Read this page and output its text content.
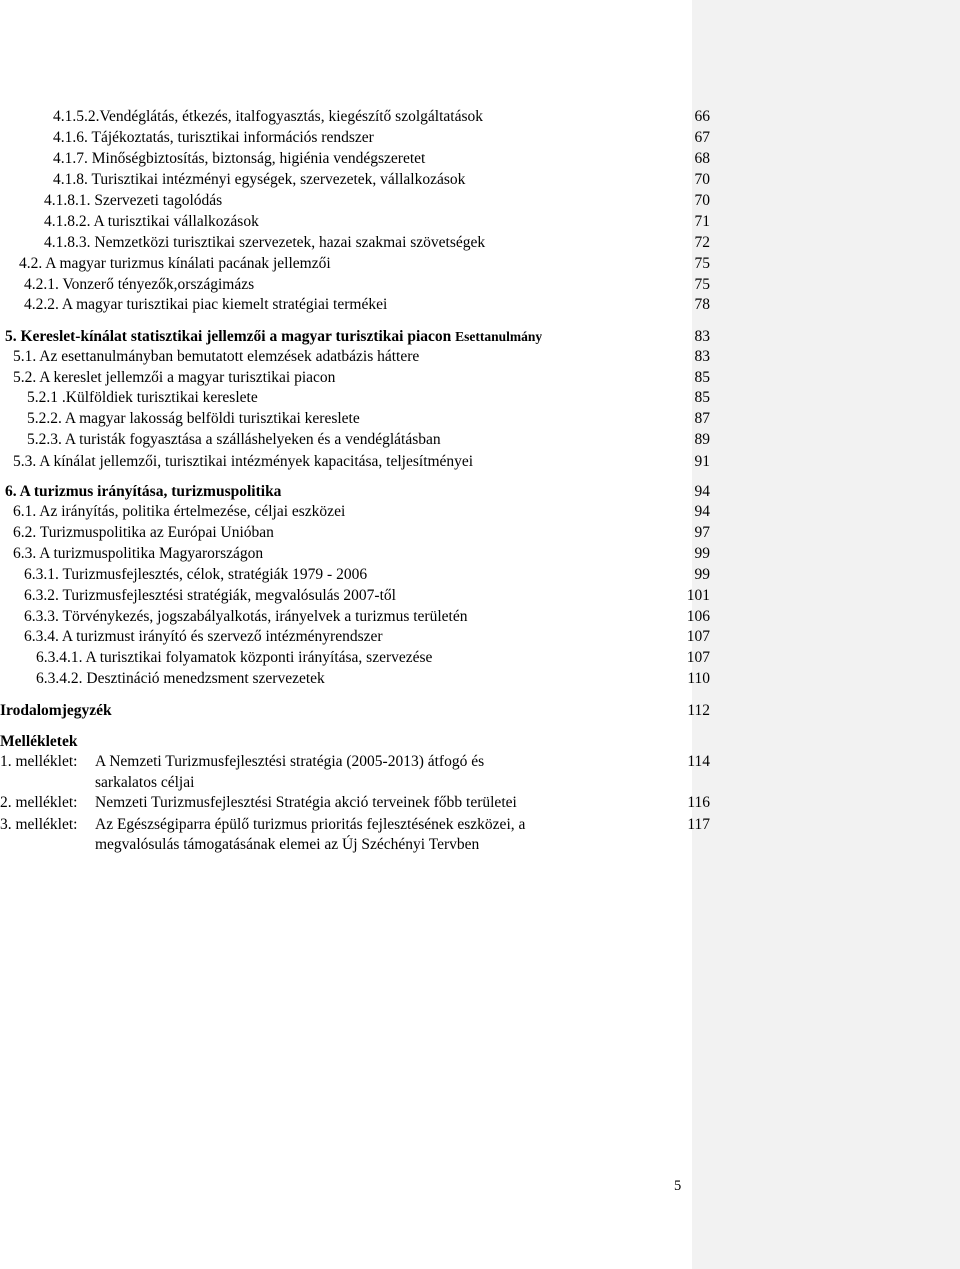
4.1.5.2.Vendéglátás, étkezés, italfogyasztás, kiegészítő szolgáltatások	66
4.1.6. Tájékoztatás, turisztikai információs rendszer	67
4.1.7. Minőségbiztosítás, biztonság, higiénia vendégszeretet	68
4.1.8. Turisztikai intézményi egységek, szervezetek, vállalkozások	70
4.1.8.1. Szervezeti tagolódás	70
4.1.8.2. A turisztikai vállalkozások	71
4.1.8.3. Nemzetközi turisztikai szervezetek, hazai szakmai szövetségek	72
4.2. A magyar turizmus kínálati pacának jellemzői	75
4.2.1. Vonzerő tényezők,országimázs	75
4.2.2. A magyar turisztikai piac kiemelt stratégiai termékei	78
5. Kereslet-kínálat statisztikai jellemzői a magyar turisztikai piacon Esettanulmány	83
5.1. Az esettanulmányban bemutatott elemzések adatbázis háttere	83
5.2. A kereslet jellemzői a magyar turisztikai piacon	85
5.2.1 .Külföldiek turisztikai kereslete	85
5.2.2. A magyar lakosság belföldi turisztikai kereslete	87
5.2.3. A turisták fogyasztása a szálláshelyeken és a vendéglátásban	89
5.3. A kínálat jellemzői, turisztikai intézmények kapacitása, teljesítményei	91
6. A turizmus irányítása, turizmuspolitika	94
6.1. Az irányítás, politika értelmezése, céljai eszközei	94
6.2. Turizmuspolitika az Európai Unióban	97
6.3. A turizmuspolitika Magyarországon	99
6.3.1. Turizmusfejlesztés, célok, stratégiák 1979 - 2006	99
6.3.2. Turizmusfejlesztési stratégiák, megvalósulás 2007-től	101
6.3.3. Törvénykezés, jogszabályalkotás, irányelvek a turizmus területén	106
6.3.4. A turizmust irányító és szervező intézményrendszer	107
6.3.4.1. A turisztikai folyamatok központi irányítása, szervezése	107
6.3.4.2. Desztináció menedzsment szervezetek	110
Irodalomjegyzék	112
Mellékletek
1. melléklet: A Nemzeti Turizmusfejlesztési stratégia (2005-2013) átfogó és	114
sarkalatos céljai
2. melléklet: Nemzeti Turizmusfejlesztési Stratégia akció terveinek főbb területei	116
3. melléklet: Az Egészségiparra épülő turizmus prioritás fejlesztésének eszközei, a	117
megvalósulás támogatásának elemei az Új Széchényi Tervben
5
